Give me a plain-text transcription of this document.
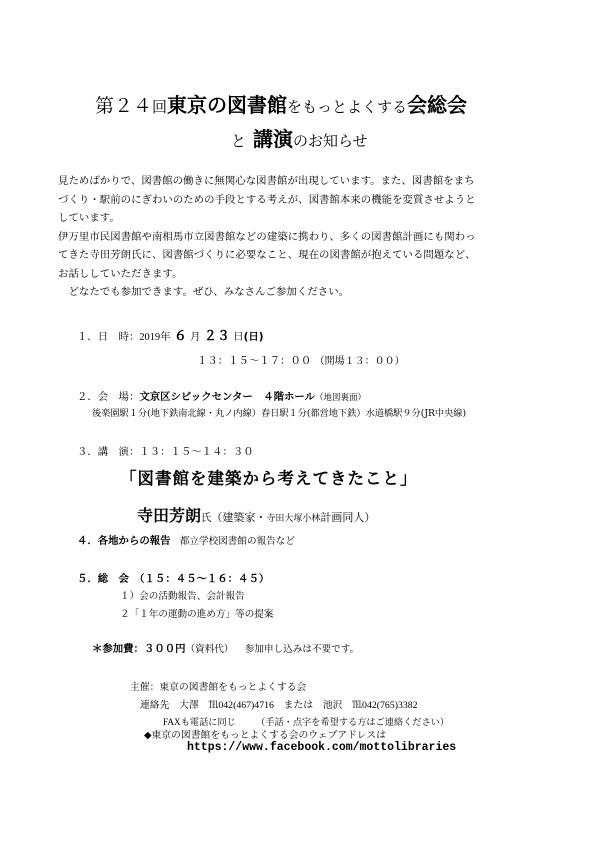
第２４回東京の図書館をもっとよくする会総会
と 講演のお知らせ
見ためばかりで、図書館の働きに無関心な図書館が出現しています。また、図書館をまち
づくり・駅前のにぎわいのための手段とする考えが、図書館本来の機能を変質させようと
しています。
伊万里市民図書館や南相馬市立図書館などの建築に携わり、多くの図書館計画にも関わっ
てきた寺田芳朗氏に、図書館づくりに必要なこと、現在の図書館が抱えている問題など、
お話ししていただきます。
　どなたでも参加できます。ぜひ、みなさんご参加ください。
１．日　時：2019年 ６ 月 ２３ 日(日)
１３：１５～１７：００ （開場１３：００）
２．会　場：文京区シビックセンター　４階ホール（地図裏面）
後楽園駅１分(地下鉄南北線・丸ノ内線）春日駅１分(都営地下鉄）水道橋駅９分(JR中央線)
３．講　演：１３：１５～１４：３０
「図書館を建築から考えてきたこと」
寺田芳朗氏（建築家・寺田大塚小林計画同人）
４．各地からの報告 都立学校図書館の報告など
５．総　会　（１５：４５～１６：４５）
１）会の活動報告、会計報告
２「１年の運動の進め方」等の提案
＊参加費：３００円（資料代） 参加申し込みは不要です。
主催：東京の図書館をもっとよくする会
連絡先　大澤　℡042(467)4716　または　池沢　℡042(765)3382
FAXも電話に同じ （手話・点字を希望する方はご連絡ください）
◆東京の図書館をもっとよくする会のウェブアドレスは
https://www.facebook.com/mottolibraries
